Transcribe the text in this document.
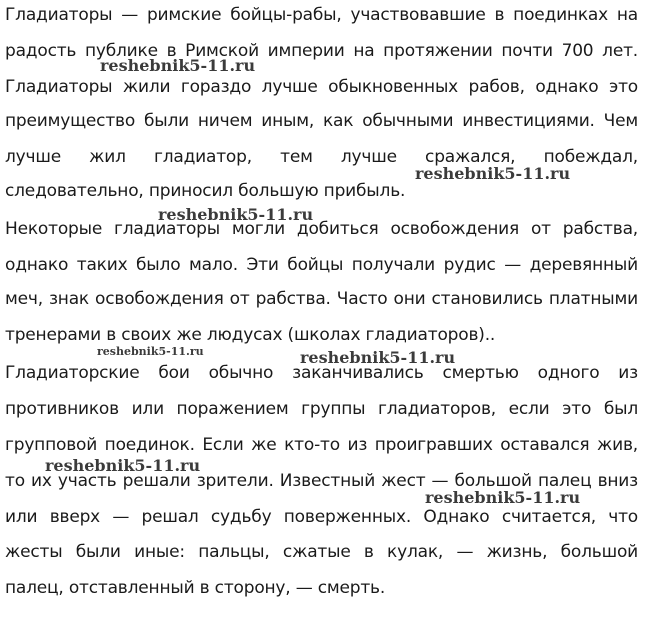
Гладиаторы — римские бойцы-рабы, участвовавшие в поединках на
радость публике в Римской империи на протяжении почти 700 лет.
Гладиаторы жили гораздо лучше обыкновенных рабов, однако это
преимущество были ничем иным, как обычными инвестициями. Чем
лучше жил гладиатор, тем лучше сражался, побеждал,
следовательно, приносил большую прибыль.
Некоторые гладиаторы могли добиться освобождения от рабства,
однако таких было мало. Эти бойцы получали рудис — деревянный
меч, знак освобождения от рабства. Часто они становились платными
тренерами в своих же людусах (школах гладиаторов)..
Гладиаторские бои обычно заканчивались смертью одного из
противников или поражением группы гладиаторов, если это был
групповой поединок. Если же кто-то из проигравших оставался жив,
то их участь решали зрители. Известный жест — большой палец вниз
или вверх — решал судьбу поверженных. Однако считается, что
жесты были иные: пальцы, сжатые в кулак, — жизнь, большой
палец, отставленный в сторону, — смерть.
reshebnik5-11.ru
reshebnik5-11.ru
reshebnik5-11.ru
reshebnik5-11.ru	reshebnik5-11.ru
reshebnik5-11.ru
reshebnik5-11.ru
